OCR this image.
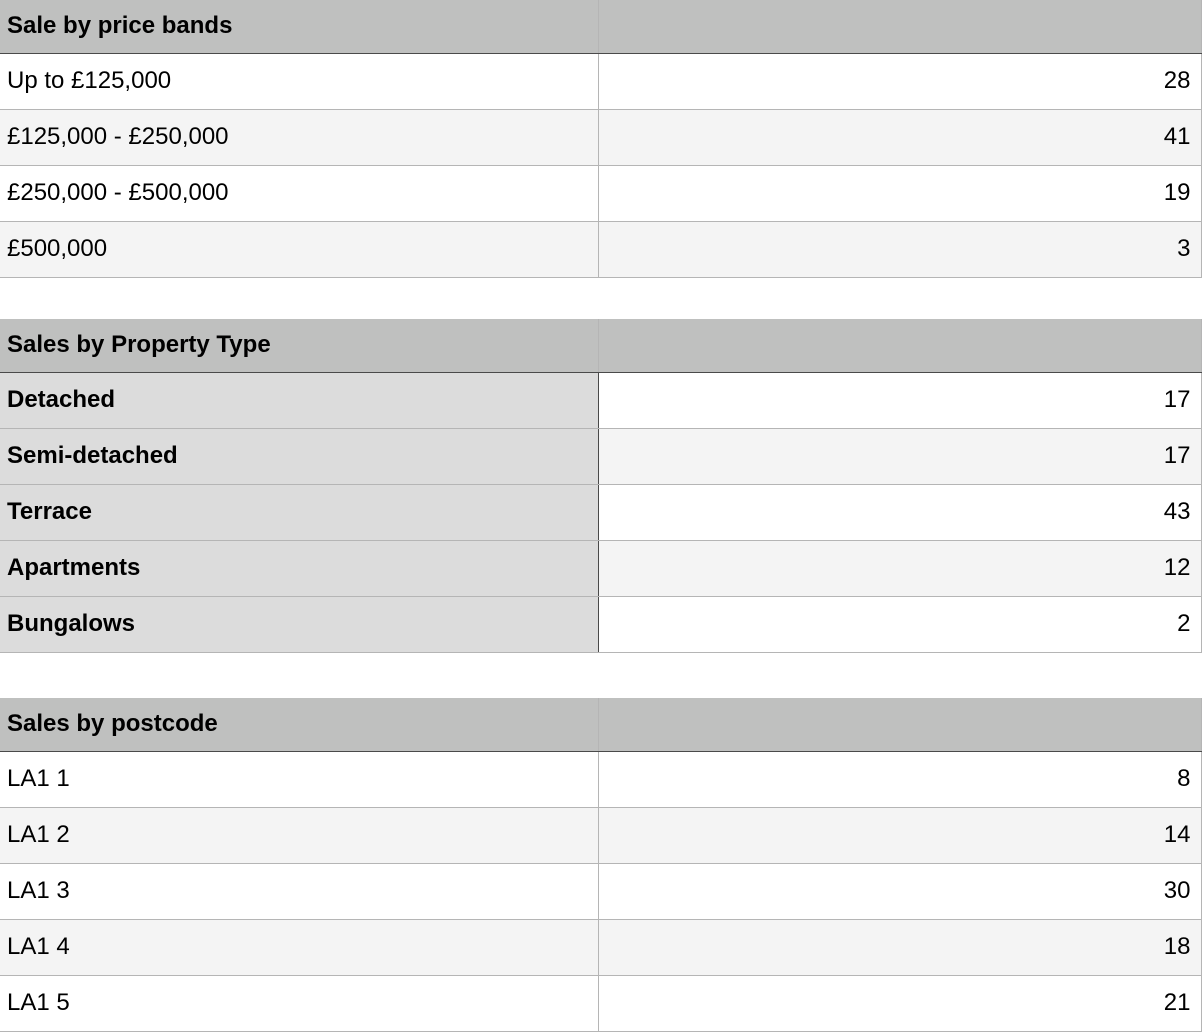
Sale by price bands	
Up to £125,000	28
£125,000 - £250,000	41
£250,000 - £500,000	19
£500,000	3
Sales by Property Type	
Detached	17
Semi-detached	17
Terrace	43
Apartments	12
Bungalows	2
Sales by postcode	
LA1 1	8
LA1 2	14
LA1 3	30
LA1 4	18
LA1 5	21
